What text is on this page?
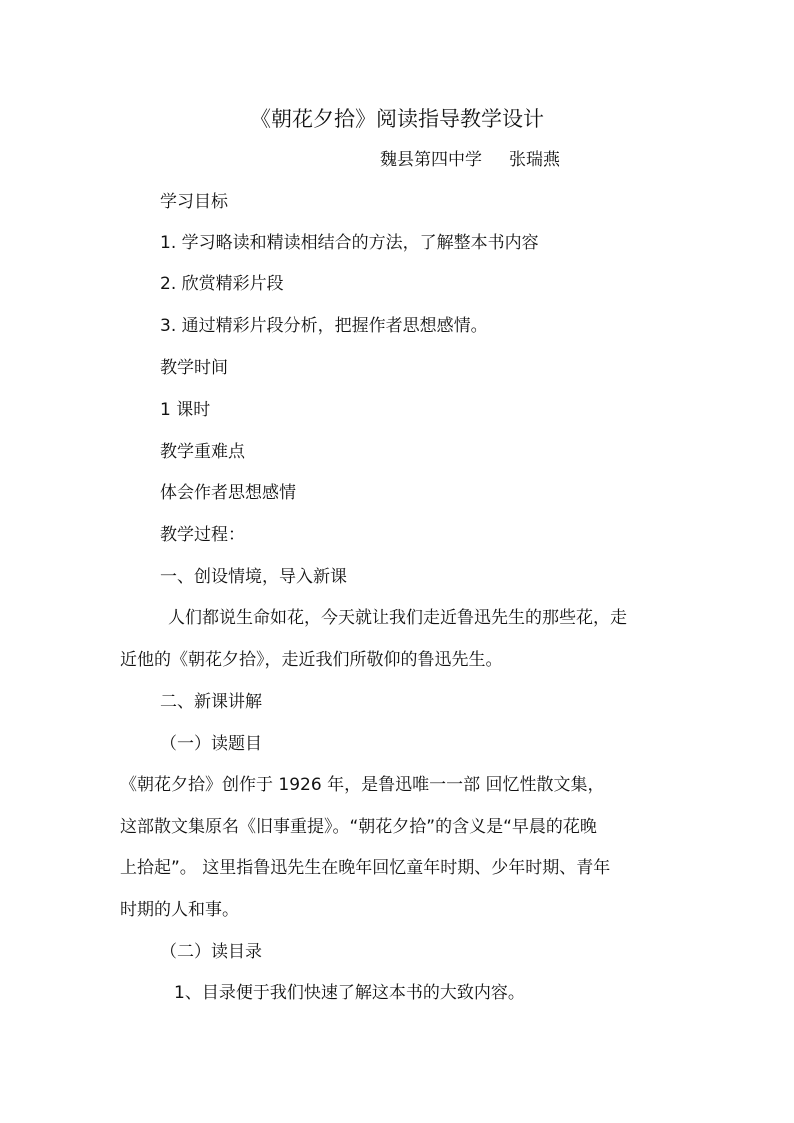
《朝花夕拾》阅读指导教学设计
魏县第四中学     张瑞燕
学习目标
1. 学习略读和精读相结合的方法，了解整本书内容
2. 欣赏精彩片段
3. 通过精彩片段分析，把握作者思想感情。
教学时间
1 课时
教学重难点
体会作者思想感情
教学过程：
一、创设情境，导入新课
人们都说生命如花，今天就让我们走近鲁迅先生的那些花，走
近他的《朝花夕拾》，走近我们所敬仰的鲁迅先生。
二、新课讲解
（一）读题目
《朝花夕拾》创作于 1926 年，是鲁迅唯一一部 回忆性散文集，
这部散文集原名《旧事重提》。“朝花夕拾”的含义是“早晨的花晚
上拾起”。 这里指鲁迅先生在晚年回忆童年时期、少年时期、青年
时期的人和事。
（二）读目录
1、目录便于我们快速了解这本书的大致内容。
